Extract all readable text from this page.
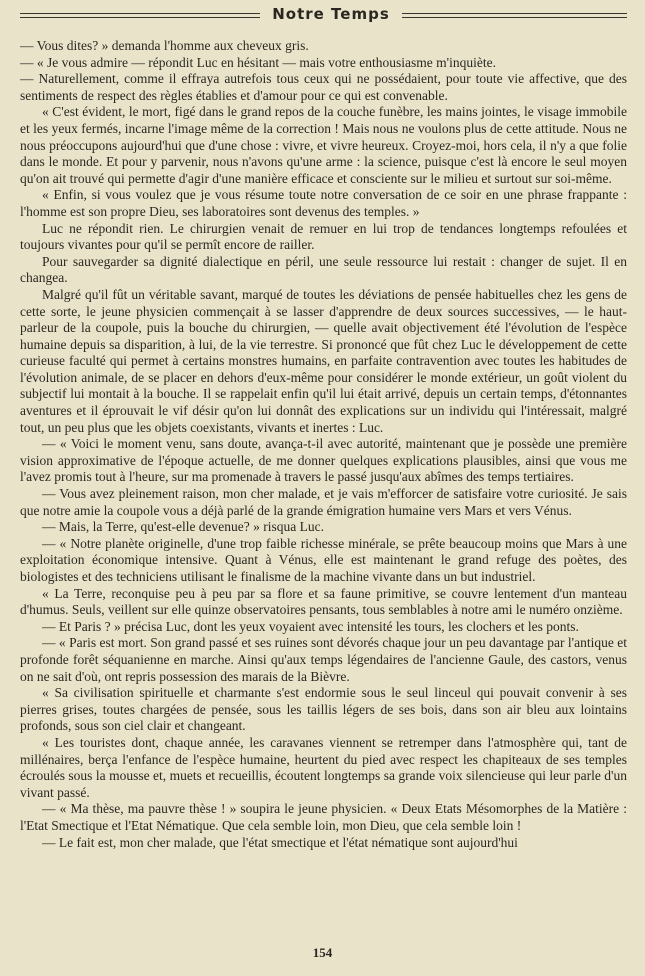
Notre Temps

— Vous dites? » demanda l'homme aux cheveux gris.

— « Je vous admire — répondit Luc en hésitant — mais votre enthousiasme m'inquiète.

— Naturellement, comme il effraya autrefois tous ceux qui ne possédaient, pour toute vie affective, que des sentiments de respect des règles établies et d'amour pour ce qui est convenable.

« C'est évident, le mort, figé dans le grand repos de la couche funèbre, les mains jointes, le visage immobile et les yeux fermés, incarne l'image même de la correction ! Mais nous ne voulons plus de cette attitude. Nous ne nous préoccupons aujourd'hui que d'une chose : vivre, et vivre heureux. Croyez-moi, hors cela, il n'y a que folie dans le monde. Et pour y parvenir, nous n'avons qu'une arme : la science, puisque c'est là encore le seul moyen qu'on ait trouvé qui permette d'agir d'une manière efficace et consciente sur le milieu et surtout sur soi-même.

« Enfin, si vous voulez que je vous résume toute notre conversation de ce soir en une phrase frappante : l'homme est son propre Dieu, ses laboratoires sont devenus des temples. »

Luc ne répondit rien. Le chirurgien venait de remuer en lui trop de tendances longtemps refoulées et toujours vivantes pour qu'il se permît encore de railler.

Pour sauvegarder sa dignité dialectique en péril, une seule ressource lui restait : changer de sujet. Il en changea.

Malgré qu'il fût un véritable savant, marqué de toutes les déviations de pensée habituelles chez les gens de cette sorte, le jeune physicien commençait à se lasser d'apprendre de deux sources successives, — le haut-parleur de la coupole, puis la bouche du chirurgien, — quelle avait objectivement été l'évolution de l'espèce humaine depuis sa disparition, à lui, de la vie terrestre. Si prononcé que fût chez Luc le développement de cette curieuse faculté qui permet à certains monstres humains, en parfaite contravention avec toutes les habitudes de l'évolution animale, de se placer en dehors d'eux-même pour considérer le monde extérieur, un goût violent du subjectif lui montait à la bouche. Il se rappelait enfin qu'il lui était arrivé, depuis un certain temps, d'étonnantes aventures et il éprouvait le vif désir qu'on lui donnât des explications sur un individu qui l'intéressait, malgré tout, un peu plus que les objets coexistants, vivants et inertes : Luc.

— « Voici le moment venu, sans doute, avança-t-il avec autorité, maintenant que je possède une première vision approximative de l'époque actuelle, de me donner quelques explications plausibles, ainsi que vous me l'avez promis tout à l'heure, sur ma promenade à travers le passé jusqu'aux abîmes des temps tertiaires.

— Vous avez pleinement raison, mon cher malade, et je vais m'efforcer de satisfaire votre curiosité. Je sais que notre amie la coupole vous a déjà parlé de la grande émigration humaine vers Mars et vers Vénus.

— Mais, la Terre, qu'est-elle devenue? » risqua Luc.

— « Notre planète originelle, d'une trop faible richesse minérale, se prête beaucoup moins que Mars à une exploitation économique intensive. Quant à Vénus, elle est maintenant le grand refuge des poètes, des biologistes et des techniciens utilisant le finalisme de la machine vivante dans un but industriel.

« La Terre, reconquise peu à peu par sa flore et sa faune primitive, se couvre lentement d'un manteau d'humus. Seuls, veillent sur elle quinze observatoires pensants, tous semblables à notre ami le numéro onzième.

— Et Paris ? » précisa Luc, dont les yeux voyaient avec intensité les tours, les clochers et les ponts.

— « Paris est mort. Son grand passé et ses ruines sont dévorés chaque jour un peu davantage par l'antique et profonde forêt séquanienne en marche. Ainsi qu'aux temps légendaires de l'ancienne Gaule, des castors, venus on ne sait d'où, ont repris possession des marais de la Bièvre.

« Sa civilisation spirituelle et charmante s'est endormie sous le seul linceul qui pouvait convenir à ses pierres grises, toutes chargées de pensée, sous les taillis légers de ses bois, dans son air bleu aux lointains profonds, sous son ciel clair et changeant.

« Les touristes dont, chaque année, les caravanes viennent se retremper dans l'atmosphère qui, tant de millénaires, berça l'enfance de l'espèce humaine, heurtent du pied avec respect les chapiteaux de ses temples écroulés sous la mousse et, muets et recueillis, écoutent longtemps sa grande voix silencieuse qui leur parle d'un vivant passé.

— « Ma thèse, ma pauvre thèse ! » soupira le jeune physicien. « Deux Etats Mésomorphes de la Matière : l'Etat Smectique et l'Etat Nématique. Que cela semble loin, mon Dieu, que cela semble loin !

— Le fait est, mon cher malade, que l'état smectique et l'état nématique sont aujourd'hui

154
